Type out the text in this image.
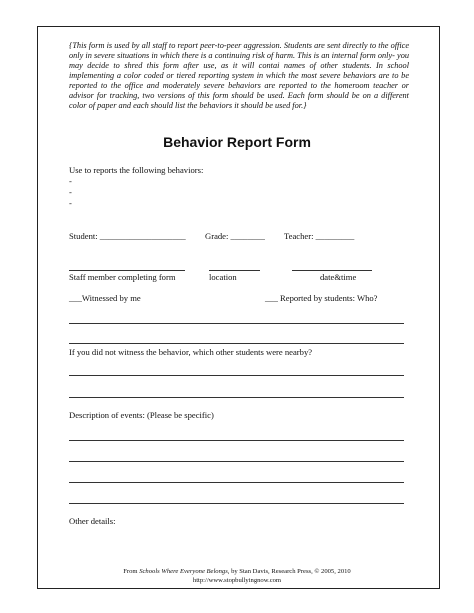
{This form is used by all staff to report peer-to-peer aggression. Students are sent directly to the office only in severe situations in which there is a continuing risk of harm. This is an internal form only- you may decide to shred this form after use, as it will contai names of other students. In school implementing a color coded or tiered reporting system in which the most severe behaviors are to be reported to the office and moderately severe behaviors are reported to the homeroom teacher or advisor for tracking, two versions of this form should be used. Each form should be on a different color of paper and each should list the behaviors it should be used for.}
Behavior Report Form
Use to reports the following behaviors:
-
-
-
Student: ____________________ Grade: ________ Teacher: _________
Staff member completing form	location	date&time
___Witnessed by me	___ Reported by students: Who?
If you did not witness the behavior, which other students were nearby?
Description of events: (Please be specific)
Other details:
From Schools Where Everyone Belongs, by Stan Davis, Research Press, © 2005, 2010
http://www.stopbullyingnow.com
